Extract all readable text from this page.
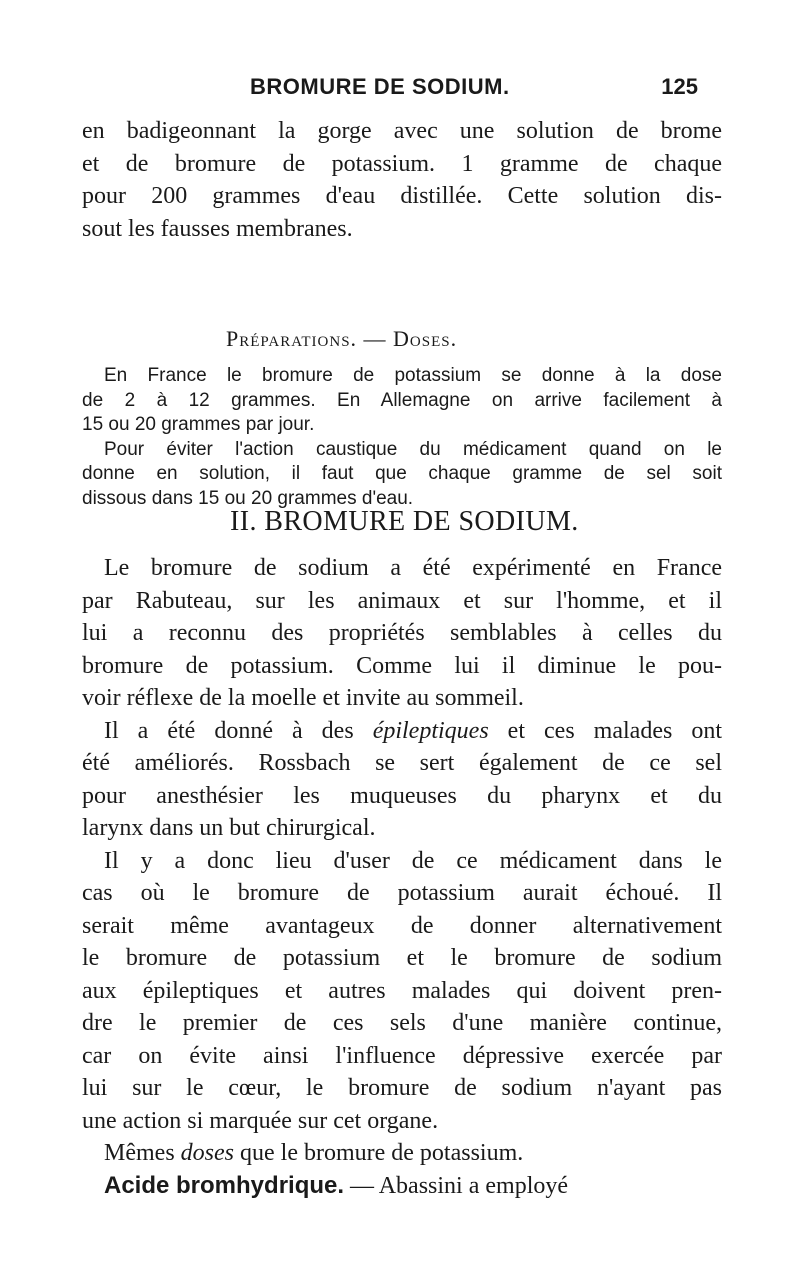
BROMURE DE SODIUM.	125
en badigeonnant la gorge avec une solution de brome
et de bromure de potassium. 1 gramme de chaque
pour 200 grammes d'eau distillée. Cette solution dis-
sout les fausses membranes.
Préparations. — Doses.
En France le bromure de potassium se donne à la dose
de 2 à 12 grammes. En Allemagne on arrive facilement à
15 ou 20 grammes par jour.
Pour éviter l'action caustique du médicament quand on le
donne en solution, il faut que chaque gramme de sel soit
dissous dans 15 ou 20 grammes d'eau.
II. BROMURE DE SODIUM.
Le bromure de sodium a été expérimenté en France
par Rabuteau, sur les animaux et sur l'homme, et il
lui a reconnu des propriétés semblables à celles du
bromure de potassium. Comme lui il diminue le pou-
voir réflexe de la moelle et invite au sommeil.
Il a été donné à des épileptiques et ces malades ont
été améliorés. Rossbach se sert également de ce sel
pour anesthésier les muqueuses du pharynx et du
larynx dans un but chirurgical.
Il y a donc lieu d'user de ce médicament dans le
cas où le bromure de potassium aurait échoué. Il
serait même avantageux de donner alternativement
le bromure de potassium et le bromure de sodium
aux épileptiques et autres malades qui doivent pren-
dre le premier de ces sels d'une manière continue,
car on évite ainsi l'influence dépressive exercée par
lui sur le cœur, le bromure de sodium n'ayant pas
une action si marquée sur cet organe.
Mêmes doses que le bromure de potassium.
Acide bromhydrique. — Abassini a employé
